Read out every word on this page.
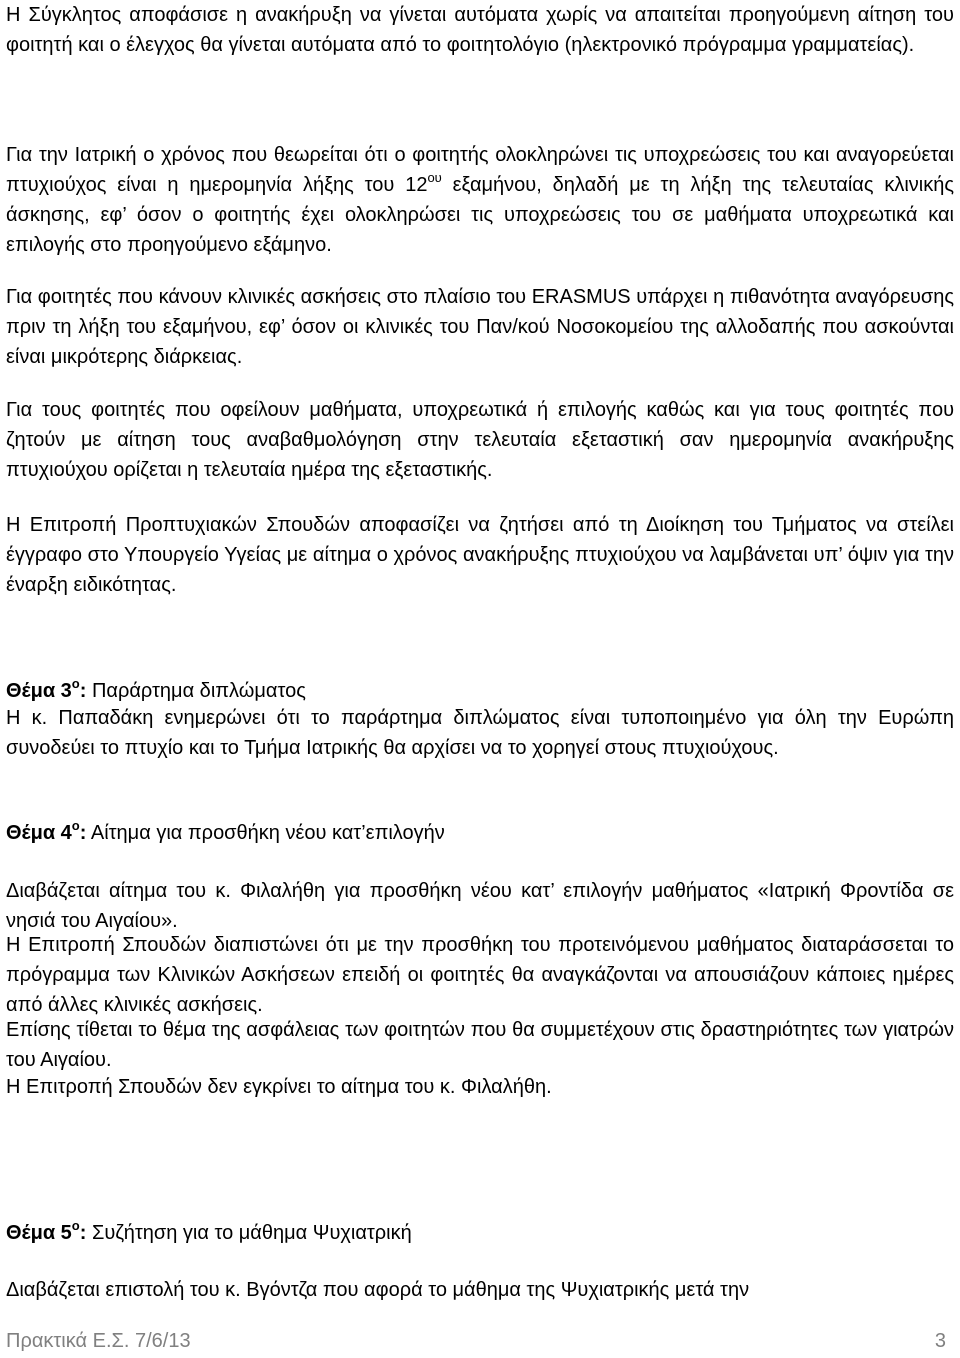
Η Σύγκλητος αποφάσισε η ανακήρυξη να γίνεται αυτόματα χωρίς να απαιτείται προηγούμενη αίτηση του φοιτητή και ο έλεγχος θα γίνεται αυτόματα από το φοιτητολόγιο (ηλεκτρονικό πρόγραμμα γραμματείας).

Για την Ιατρική ο χρόνος που θεωρείται ότι ο φοιτητής ολοκληρώνει τις υποχρεώσεις του και αναγορεύεται πτυχιούχος είναι η ημερομηνία λήξης του $12^{o\upsilon}$ εξαμήνου, δηλαδή με τη λήξη της τελευταίας κλινικής άσκησης, εφ’ όσον ο φοιτητής έχει ολοκληρώσει τις υποχρεώσεις του σε μαθήματα υποχρεωτικά και επιλογής στο προηγούμενο εξάμηνο.

Για φοιτητές που κάνουν κλινικές ασκήσεις στο πλαίσιο του ERASMUS υπάρχει η πιθανότητα αναγόρευσης πριν τη λήξη του εξαμήνου, εφ’ όσον οι κλινικές του Παν/κού Νοσοκομείου της αλλοδαπής που ασκούνται είναι μικρότερης διάρκειας.

Για τους φοιτητές που οφείλουν μαθήματα, υποχρεωτικά ή επιλογής καθώς και για τους φοιτητές που ζητούν με αίτηση τους αναβαθμολόγηση στην τελευταία εξεταστική σαν ημερομηνία ανακήρυξης πτυχιούχου ορίζεται η τελευταία ημέρα της εξεταστικής.

Η Επιτροπή Προπτυχιακών Σπουδών αποφασίζει να ζητήσει από τη Διοίκηση του Τμήματος να στείλει έγγραφο στο Υπουργείο Υγείας με αίτημα ο χρόνος ανακήρυξης πτυχιούχου να λαμβάνεται υπ’ όψιν για την έναρξη ειδικότητας.

Θέμα $3^o$: Παράρτημα διπλώματος

Η κ. Παπαδάκη ενημερώνει ότι το παράρτημα διπλώματος είναι τυποποιημένο για όλη την Ευρώπη συνοδεύει το πτυχίο και το Τμήμα Ιατρικής θα αρχίσει να το χορηγεί στους πτυχιούχους.

Θέμα $4^o$: Αίτημα για προσθήκη νέου κατ’επιλογήν

Διαβάζεται αίτημα του κ. Φιλαλήθη για προσθήκη νέου κατ’ επιλογήν μαθήματος «Ιατρική Φροντίδα σε νησιά του Αιγαίου».

Η Επιτροπή Σπουδών διαπιστώνει ότι με την προσθήκη του προτεινόμενου μαθήματος διαταράσσεται το πρόγραμμα των Κλινικών Ασκήσεων επειδή οι φοιτητές θα αναγκάζονται να απουσιάζουν κάποιες ημέρες από άλλες κλινικές ασκήσεις.

Επίσης τίθεται το θέμα της ασφάλειας των φοιτητών που θα συμμετέχουν στις δραστηριότητες των γιατρών του Αιγαίου.

Η Επιτροπή Σπουδών δεν εγκρίνει το αίτημα του κ. Φιλαλήθη.

Θέμα $5^o$: Συζήτηση για το μάθημα Ψυχιατρική

Διαβάζεται επιστολή του κ. Βγόντζα που αφορά το μάθημα της Ψυχιατρικής μετά την

Πρακτικά Ε.Σ. 7/6/13	3
